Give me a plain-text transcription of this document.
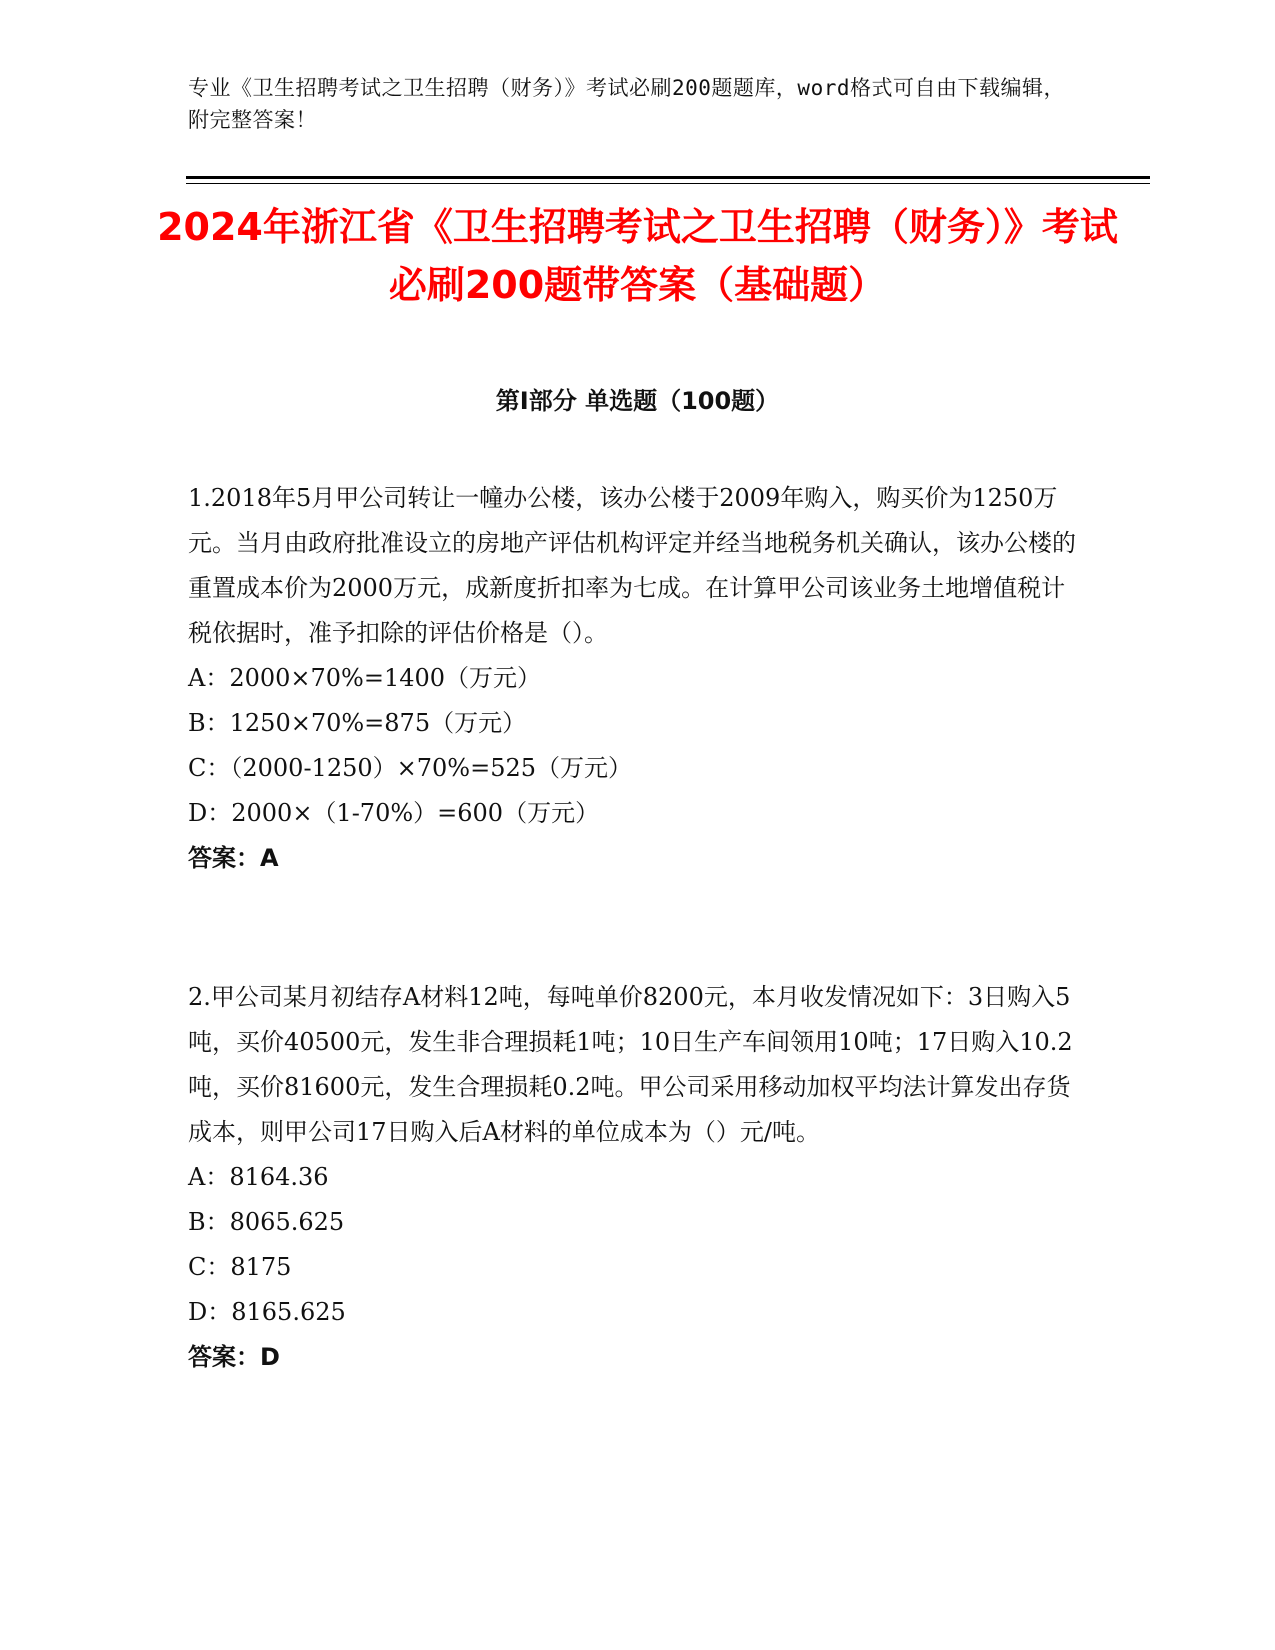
专业《卫生招聘考试之卫生招聘（财务）》考试必刷200题题库，word格式可自由下载编辑，附完整答案！
2024年浙江省《卫生招聘考试之卫生招聘（财务）》考试必刷200题带答案（基础题）
第Ⅰ部分 单选题（100题）

1.2018年5月甲公司转让一幢办公楼，该办公楼于2009年购入，购买价为1250万元。当月由政府批准设立的房地产评估机构评定并经当地税务机关确认，该办公楼的重置成本价为2000万元，成新度折扣率为七成。在计算甲公司该业务土地增值税计税依据时，准予扣除的评估价格是（）。

A：2000×70%=1400（万元）

B：1250×70%=875（万元）

C：（2000-1250）×70%=525（万元）

D：2000×（1-70%）=600（万元）

答案：A

2.甲公司某月初结存A材料12吨，每吨单价8200元，本月收发情况如下：3日购入5吨，买价40500元，发生非合理损耗1吨；10日生产车间领用10吨；17日购入10.2吨，买价81600元，发生合理损耗0.2吨。甲公司采用移动加权平均法计算发出存货成本，则甲公司17日购入后A材料的单位成本为（）元/吨。

A：8164.36

B：8065.625

C：8175

D：8165.625

答案：D
